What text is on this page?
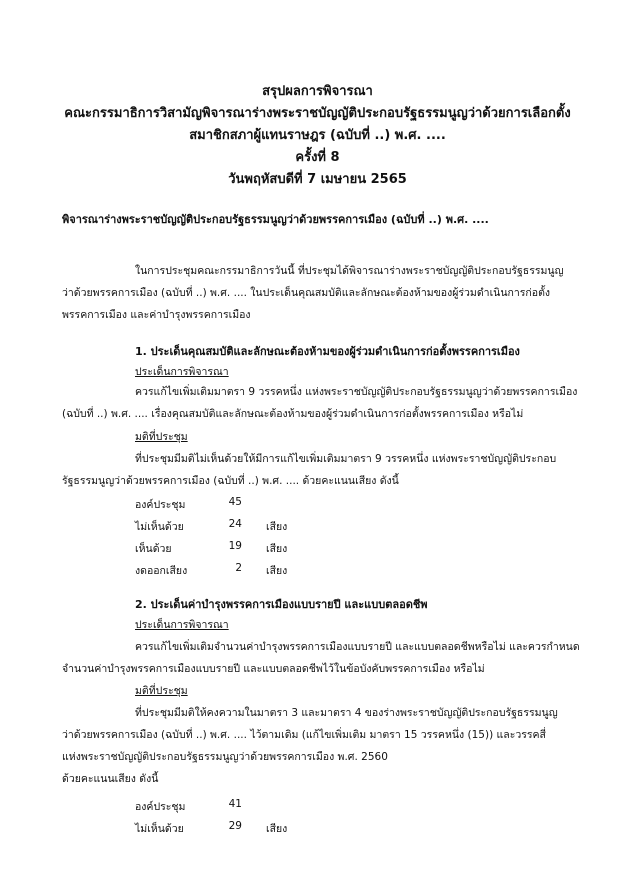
สรุปผลการพิจารณา
คณะกรรมาธิการวิสามัญพิจารณาร่างพระราชบัญญัติประกอบรัฐธรรมนูญว่าด้วยการเลือกตั้ง
สมาชิกสภาผู้แทนราษฎร (ฉบับที่ ..) พ.ศ. ....
ครั้งที่ 8
วันพฤหัสบดีที่ 7 เมษายน 2565
พิจารณาร่างพระราชบัญญัติประกอบรัฐธรรมนูญว่าด้วยพรรคการเมือง (ฉบับที่ ..) พ.ศ. ....
ในการประชุมคณะกรรมาธิการวันนี้ ที่ประชุมได้พิจารณาร่างพระราชบัญญัติประกอบรัฐธรรมนูญ
ว่าด้วยพรรคการเมือง (ฉบับที่ ..) พ.ศ. .... ในประเด็นคุณสมบัติและลักษณะต้องห้ามของผู้ร่วมดำเนินการก่อตั้ง
พรรคการเมือง และค่าบำรุงพรรคการเมือง
1. ประเด็นคุณสมบัติและลักษณะต้องห้ามของผู้ร่วมดำเนินการก่อตั้งพรรคการเมือง
ประเด็นการพิจารณา
ควรแก้ไขเพิ่มเติมมาตรา 9 วรรคหนึ่ง แห่งพระราชบัญญัติประกอบรัฐธรรมนูญว่าด้วยพรรคการเมือง
(ฉบับที่ ..) พ.ศ. .... เรื่องคุณสมบัติและลักษณะต้องห้ามของผู้ร่วมดำเนินการก่อตั้งพรรคการเมือง หรือไม่
มติที่ประชุม
ที่ประชุมมีมติไม่เห็นด้วยให้มีการแก้ไขเพิ่มเติมมาตรา 9 วรรคหนึ่ง แห่งพระราชบัญญัติประกอบ
รัฐธรรมนูญว่าด้วยพรรคการเมือง (ฉบับที่ ..) พ.ศ. .... ด้วยคะแนนเสียง ดังนี้
องค์ประชุม	45
ไม่เห็นด้วย	24 เสียง
เห็นด้วย	19 เสียง
งดออกเสียง	2 เสียง
2. ประเด็นค่าบำรุงพรรคการเมืองแบบรายปี และแบบตลอดชีพ
ประเด็นการพิจารณา
ควรแก้ไขเพิ่มเติมจำนวนค่าบำรุงพรรคการเมืองแบบรายปี และแบบตลอดชีพหรือไม่ และควรกำหนด
จำนวนค่าบำรุงพรรคการเมืองแบบรายปี และแบบตลอดชีพไว้ในข้อบังคับพรรคการเมือง หรือไม่
มติที่ประชุม
ที่ประชุมมีมติให้คงความในมาตรา 3 และมาตรา 4 ของร่างพระราชบัญญัติประกอบรัฐธรรมนูญ
ว่าด้วยพรรคการเมือง (ฉบับที่ ..) พ.ศ. .... ไว้ตามเดิม (แก้ไขเพิ่มเติม มาตรา 15 วรรคหนึ่ง (15)) และวรรคสี่
แห่งพระราชบัญญัติประกอบรัฐธรรมนูญว่าด้วยพรรคการเมือง พ.ศ. 2560
ด้วยคะแนนเสียง ดังนี้
องค์ประชุม	41
ไม่เห็นด้วย	29 เสียง
